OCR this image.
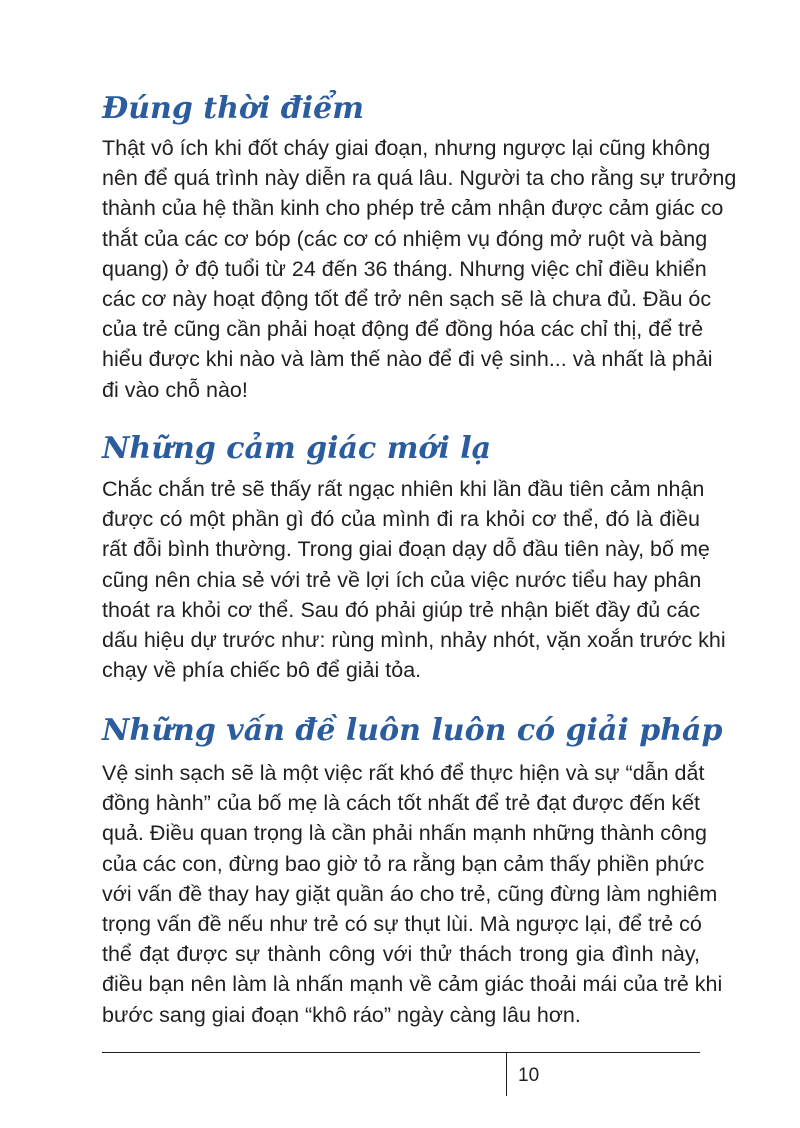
Đúng thời điểm
Thật vô ích khi đốt cháy giai đoạn, nhưng ngược lại cũng không
nên để quá trình này diễn ra quá lâu. Người ta cho rằng sự trưởng
thành của hệ thần kinh cho phép trẻ cảm nhận được cảm giác co
thắt của các cơ bóp (các cơ có nhiệm vụ đóng mở ruột và bàng
quang) ở độ tuổi từ 24 đến 36 tháng. Nhưng việc chỉ điều khiển
các cơ này hoạt động tốt để trở nên sạch sẽ là chưa đủ. Đầu óc
của trẻ cũng cần phải hoạt động để đồng hóa các chỉ thị, để trẻ
hiểu được khi nào và làm thế nào để đi vệ sinh... và nhất là phải
đi vào chỗ nào!
Những cảm giác mới lạ
Chắc chắn trẻ sẽ thấy rất ngạc nhiên khi lần đầu tiên cảm nhận
được có một phần gì đó của mình đi ra khỏi cơ thể, đó là điều
rất đỗi bình thường. Trong giai đoạn dạy dỗ đầu tiên này, bố mẹ
cũng nên chia sẻ với trẻ về lợi ích của việc nước tiểu hay phân
thoát ra khỏi cơ thể. Sau đó phải giúp trẻ nhận biết đầy đủ các
dấu hiệu dự trước như: rùng mình, nhảy nhót, vặn xoắn trước khi
chạy về phía chiếc bô để giải tỏa.
Những vấn đề luôn luôn có giải pháp
Vệ sinh sạch sẽ là một việc rất khó để thực hiện và sự “dẫn dắt
đồng hành” của bố mẹ là cách tốt nhất để trẻ đạt được đến kết
quả. Điều quan trọng là cần phải nhấn mạnh những thành công
của các con, đừng bao giờ tỏ ra rằng bạn cảm thấy phiền phức
với vấn đề thay hay giặt quần áo cho trẻ, cũng đừng làm nghiêm
trọng vấn đề nếu như trẻ có sự thụt lùi. Mà ngược lại, để trẻ có
thể đạt được sự thành công với thử thách trong gia đình này,
điều bạn nên làm là nhấn mạnh về cảm giác thoải mái của trẻ khi
bước sang giai đoạn “khô ráo” ngày càng lâu hơn.
10
